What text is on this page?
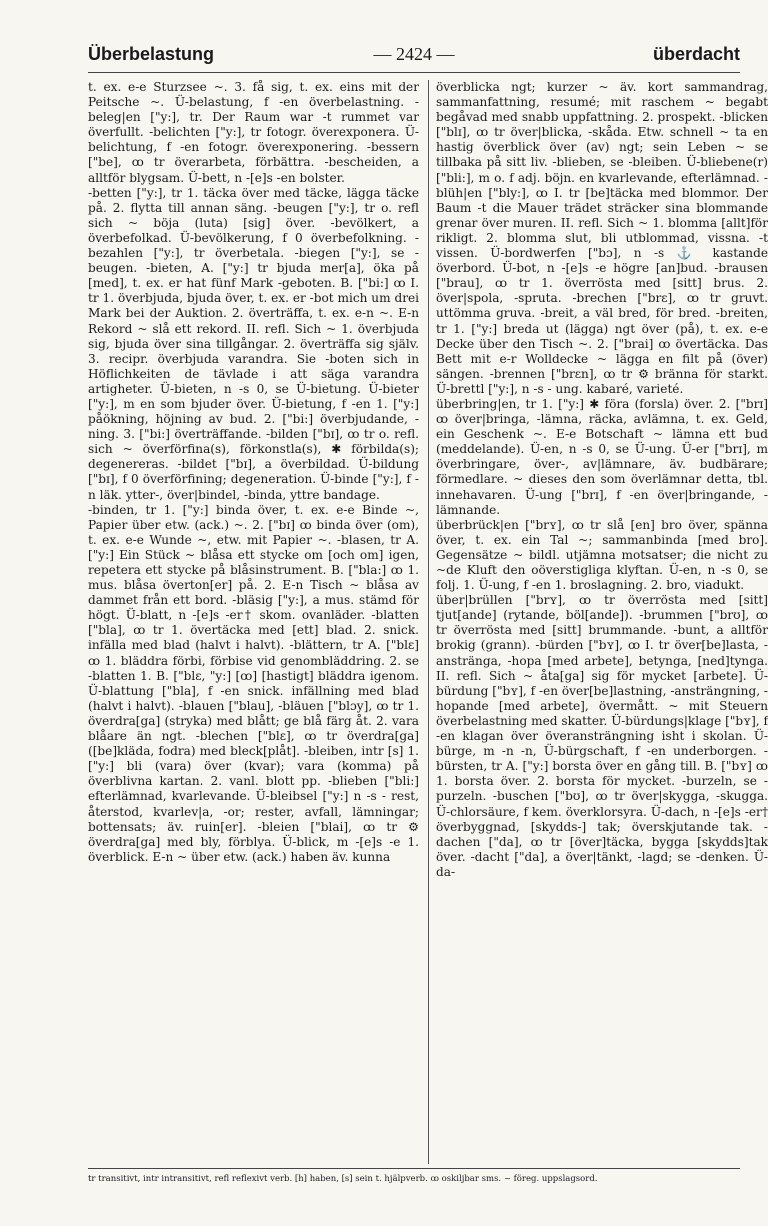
Überbelastung	— 2424 —	überdacht

t. ex. e-e Sturzsee ~. 3. få sig, t. ex. eins mit der Peitsche ~. Ü-belastung, f -en överbelastning. -beleg|en ["y:], tr. Der Raum war -t rummet var överfullt. -belichten ["y:], tr fotogr. överexponera. Ü-belichtung, f -en fotogr. överexponering. -bessern ["be], ꝏ tr överarbeta, förbättra. -bescheiden, a alltför blygsam. Ü-bett, n -[e]s -en bolster.

-betten ["y:], tr 1. täcka över med täcke, lägga täcke på. 2. flytta till annan säng. -beugen ["y:], tr o. refl sich ~ böja (luta) [sig] över. -bevölkert, a överbefolkad. Ü-bevölkerung, f 0 överbefolkning. -bezahlen ["y:], tr överbetala. -biegen ["y:], se -beugen. -bieten, A. ["y:] tr bjuda mer[a], öka på [med], t. ex. er hat fünf Mark -geboten. B. ["bi:] ꝏ I. tr 1. överbjuda, bjuda över, t. ex. er -bot mich um drei Mark bei der Auktion. 2. överträffa, t. ex. e-n ~. E-n Rekord ~ slå ett rekord. II. refl. Sich ~ 1. överbjuda sig, bjuda över sina tillgångar. 2. överträffa sig själv. 3. recipr. överbjuda varandra. Sie -boten sich in Höflichkeiten de tävlade i att säga varandra artigheter. Ü-bieten, n -s 0, se Ü-bietung. Ü-bieter ["y:], m en som bjuder över. Ü-bietung, f -en 1. ["y:] påökning, höjning av bud. 2. ["bi:] överbjudande, -ning. 3. ["bi:] överträffande. -bilden ["bɪ], ꝏ tr o. refl. sich ~ överförfina(s), förkonstla(s), ✱ förbilda(s); degenereras. -bildet ["bɪ], a överbildad. Ü-bildung ["bɪ], f 0 överförfining; degeneration. Ü-binde ["y:], f -n läk. ytter-, över|bindel, -binda, yttre bandage.

-binden, tr 1. ["y:] binda över, t. ex. e-e Binde ~, Papier über etw. (ack.) ~. 2. ["bɪ] ꝏ binda över (om), t. ex. e-e Wunde ~, etw. mit Papier ~. -blasen, tr A. ["y:] Ein Stück ~ blåsa ett stycke om [och om] igen, repetera ett stycke på blåsinstrument. B. ["bla:] ꝏ 1. mus. blåsa överton[er] på. 2. E-n Tisch ~ blåsa av dammet från ett bord. -bläsig ["y:], a mus. stämd för högt. Ü-blatt, n -[e]s -er† skom. ovanläder. -blatten ["bla], ꝏ tr 1. övertäcka med [ett] blad. 2. snick. infälla med blad (halvt i halvt). -blättern, tr A. ["blɛ] ꝏ 1. bläddra förbi, förbise vid genombläddring. 2. se -blatten 1. B. ["blɛ, "y:] [ꝏ] [hastigt] bläddra igenom. Ü-blattung ["bla], f -en snick. infällning med blad (halvt i halvt). -blauen ["blau], -bläuen ["blɔy], ꝏ tr 1. överdra[ga] (stryka) med blått; ge blå färg åt. 2. vara blåare än ngt. -blechen ["blɛ], ꝏ tr överdra[ga] ([be]kläda, fodra) med bleck[plåt]. -bleiben, intr [s] 1. ["y:] bli (vara) över (kvar); vara (komma) på överblivna kartan. 2. vanl. blott pp. -blieben ["bli:] efterlämnad, kvarlevande. Ü-bleibsel ["y:] n -s - rest, återstod, kvarlev|a, -or; rester, avfall, lämningar; bottensats; äv. ruin[er]. -bleien ["blai], ꝏ tr ⚙ överdra[ga] med bly, förblya. Ü-blick, m -[e]s -e 1. överblick. E-n ~ über etw. (ack.) haben äv. kunna

överblicka ngt; kurzer ~ äv. kort sammandrag, sammanfattning, resumé; mit raschem ~ begabt begåvad med snabb uppfattning. 2. prospekt. -blicken ["blɪ], ꝏ tr över|blicka, -skåda. Etw. schnell ~ ta en hastig överblick över (av) ngt; sein Leben ~ se tillbaka på sitt liv. -blieben, se -bleiben. Ü-bliebene(r) ["bli:], m o. f adj. böjn. en kvarlevande, efterlämnad. -blüh|en ["bly:], ꝏ I. tr [be]täcka med blommor. Der Baum -t die Mauer trädet sträcker sina blommande grenar över muren. II. refl. Sich ~ 1. blomma [allt]för rikligt. 2. blomma slut, bli utblommad, vissna. -t vissen. Ü-bordwerfen ["bɔ], n -s ⚓ kastande överbord. Ü-bot, n -[e]s -e högre [an]bud. -brausen ["brau], ꝏ tr 1. överrösta med [sitt] brus. 2. över|spola, -spruta. -brechen ["brɛ], ꝏ tr gruvt. uttömma gruva. -breit, a väl bred, för bred. -breiten, tr 1. ["y:] breda ut (lägga) ngt över (på), t. ex. e-e Decke über den Tisch ~. 2. ["brai] ꝏ övertäcka. Das Bett mit e-r Wolldecke ~ lägga en filt på (över) sängen. -brennen ["brɛn], ꝏ tr ⚙ bränna för starkt. Ü-brettl ["y:], n -s - ung. kabaré, varieté.

überbring|en, tr 1. ["y:] ✱ föra (forsla) över. 2. ["brɪ] ꝏ över|bringa, -lämna, räcka, avlämna, t. ex. Geld, ein Geschenk ~. E-e Botschaft ~ lämna ett bud (meddelande). Ü-en, n -s 0, se Ü-ung. Ü-er ["brɪ], m överbringare, över-, av|lämnare, äv. budbärare; förmedlare. ~ dieses den som överlämnar detta, tbl. innehavaren. Ü-ung ["brɪ], f -en över|bringande, -lämnande.

überbrück|en ["brʏ], ꝏ tr slå [en] bro över, spänna över, t. ex. ein Tal ~; sammanbinda [med bro]. Gegensätze ~ bildl. utjämna motsatser; die nicht zu ~de Kluft den oöverstigliga klyftan. Ü-en, n -s 0, se folj. 1. Ü-ung, f -en 1. broslagning. 2. bro, viadukt.

über|brüllen ["brʏ], ꝏ tr överrösta med [sitt] tjut[ande] (rytande, böl[ande]). -brummen ["brʊ], ꝏ tr överrösta med [sitt] brummande. -bunt, a alltför brokig (grann). -bürden ["bʏ], ꝏ I. tr över[be]lasta, -anstränga, -hopa [med arbete], betyngа, [ned]tynga. II. refl. Sich ~ åta[ga] sig för mycket [arbete]. Ü-bürdung ["bʏ], f -en över[be]lastning, -ansträngning, -hopande [med arbete], övermått. ~ mit Steuern överbelastning med skatter. Ü-bürdungs|klage ["bʏ], f -en klagan över överansträngning isht i skolan. Ü-bürge, m -n -n, Ü-bürgschaft, f -en underborgen. -bürsten, tr A. ["y:] borsta över en gång till. B. ["bʏ] ꝏ 1. borsta över. 2. borsta för mycket. -burzeln, se -purzeln. -buschen ["bʊ], ꝏ tr över|skygga, -skugga. Ü-chlorsäure, f kem. överklorsyra. Ü-dach, n -[e]s -er† överbyggnad, [skydds-] tak; överskjutande tak. -dachen ["da], ꝏ tr [över]täcka, bygga [skydds]tak över. -dacht ["da], a över|tänkt, -lagd; se -denken. Ü-da-

tr transitivt, intr intransitivt, refl reflexivt verb. [h] haben, [s] sein t. hjälpverb. ꝏ oskiljbar sms. ~ föreg. uppslagsord.
